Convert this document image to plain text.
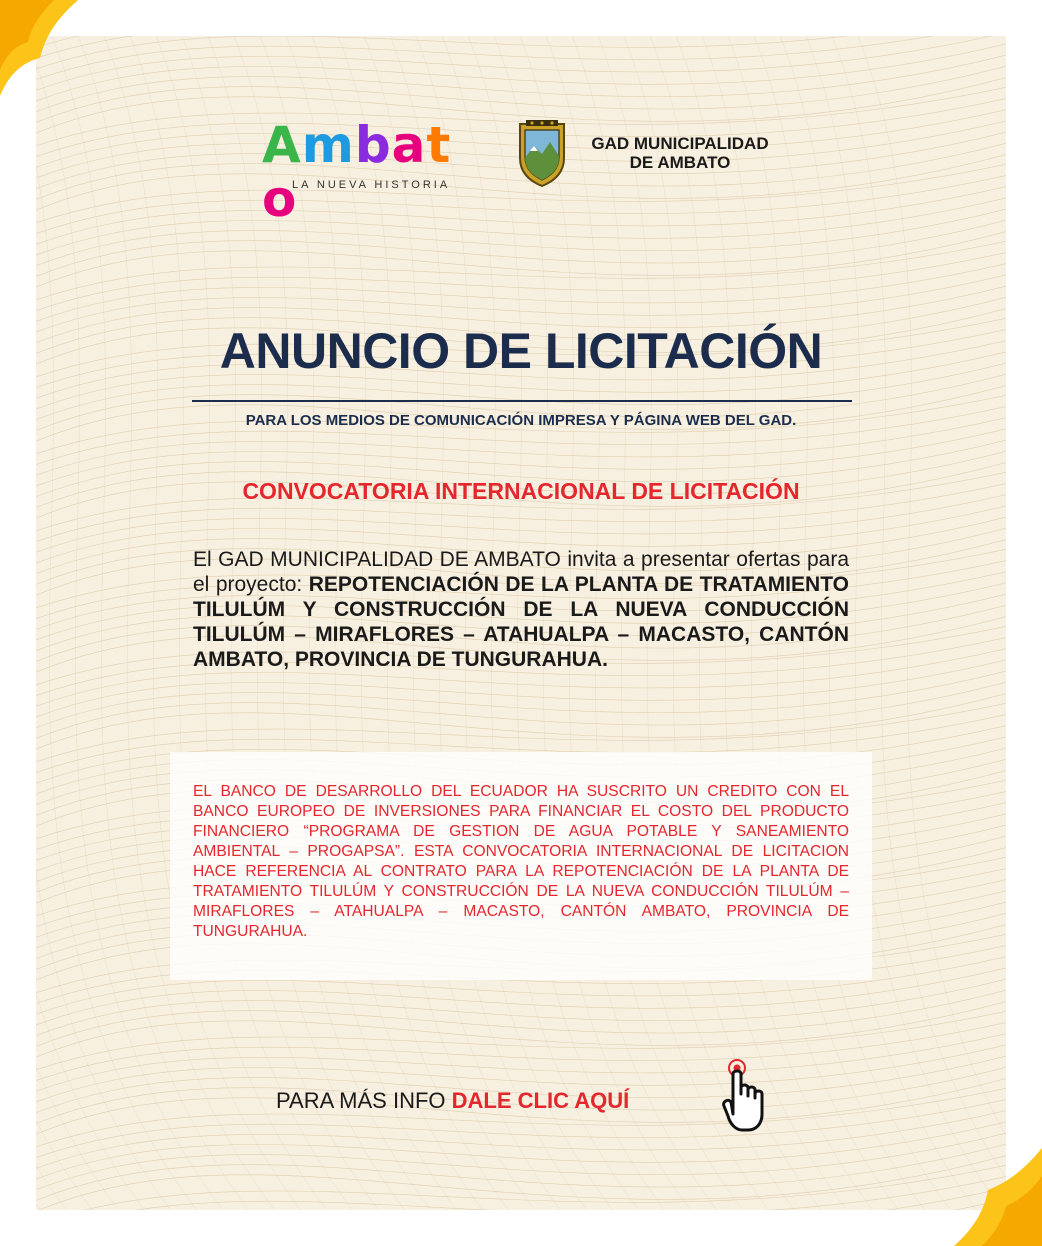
Ambato
LA NUEVA HISTORIA
GAD MUNICIPALIDAD
DE AMBATO
ANUNCIO DE LICITACIÓN
PARA LOS MEDIOS DE COMUNICACIÓN IMPRESA Y PÁGINA WEB DEL GAD.
CONVOCATORIA INTERNACIONAL DE LICITACIÓN
El GAD MUNICIPALIDAD DE AMBATO invita a presentar ofertas para el proyecto: REPOTENCIACIÓN DE LA PLANTA DE TRATAMIENTO TILULÚM Y CONSTRUCCIÓN DE LA NUEVA CONDUCCIÓN TILULÚM – MIRAFLORES – ATAHUALPA – MACASTO, CANTÓN AMBATO, PROVINCIA DE TUNGURAHUA.
EL BANCO DE DESARROLLO DEL ECUADOR HA SUSCRITO UN CREDITO CON EL BANCO EUROPEO DE INVERSIONES PARA FINANCIAR EL COSTO DEL PRODUCTO FINANCIERO “PROGRAMA DE GESTION DE AGUA POTABLE Y SANEAMIENTO AMBIENTAL – PROGAPSA”. ESTA CONVOCATORIA INTERNACIONAL DE LICITACION HACE REFERENCIA AL CONTRATO PARA LA REPOTENCIACIÓN DE LA PLANTA DE TRATAMIENTO TILULÚM Y CONSTRUCCIÓN DE LA NUEVA CONDUCCIÓN TILULÚM – MIRAFLORES – ATAHUALPA – MACASTO, CANTÓN AMBATO, PROVINCIA DE TUNGURAHUA.
PARA MÁS INFO DALE CLIC AQUÍ
